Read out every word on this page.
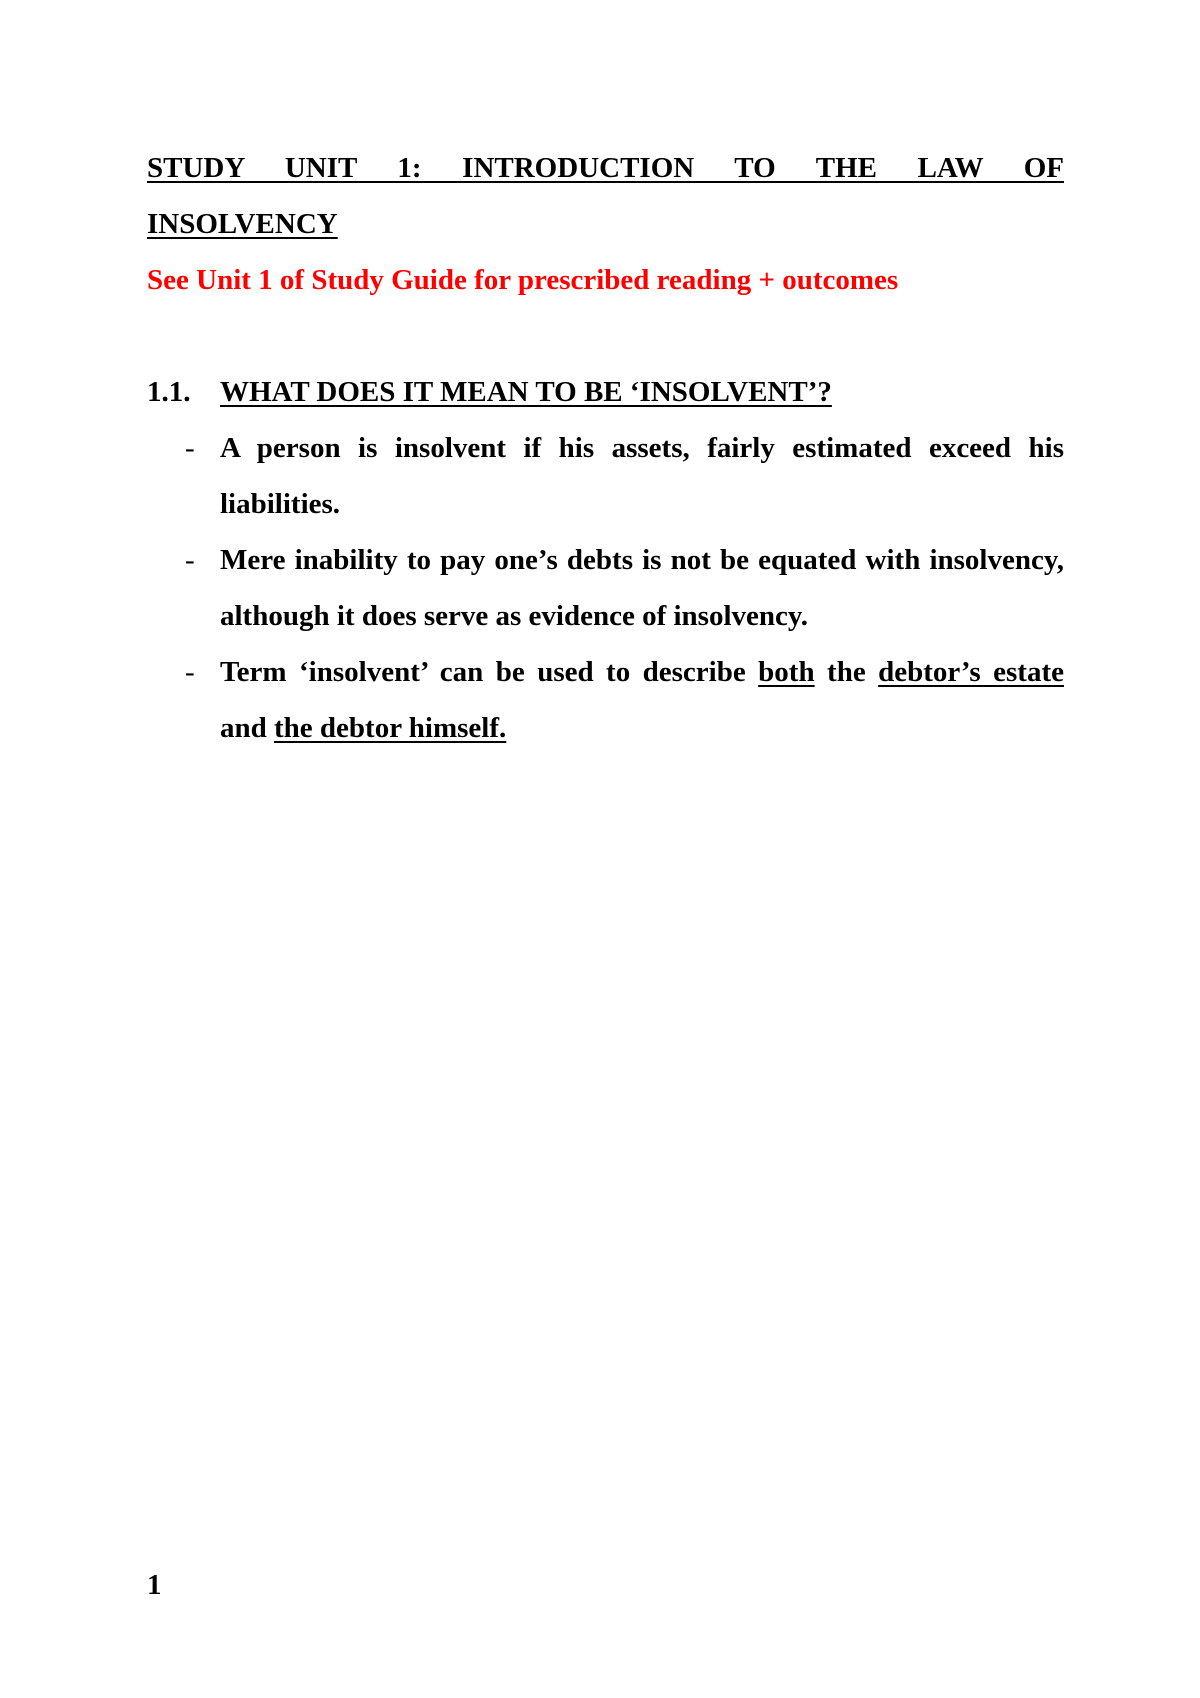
STUDY UNIT 1: INTRODUCTION TO THE LAW OF
INSOLVENCY

See Unit 1 of Study Guide for prescribed reading + outcomes

1.1.	WHAT DOES IT MEAN TO BE ‘INSOLVENT’?
- A person is insolvent if his assets, fairly estimated exceed his liabilities.
- Mere inability to pay one’s debts is not be equated with insolvency, although it does serve as evidence of insolvency.
- Term ‘insolvent’ can be used to describe both the debtor’s estate and the debtor himself.
1
